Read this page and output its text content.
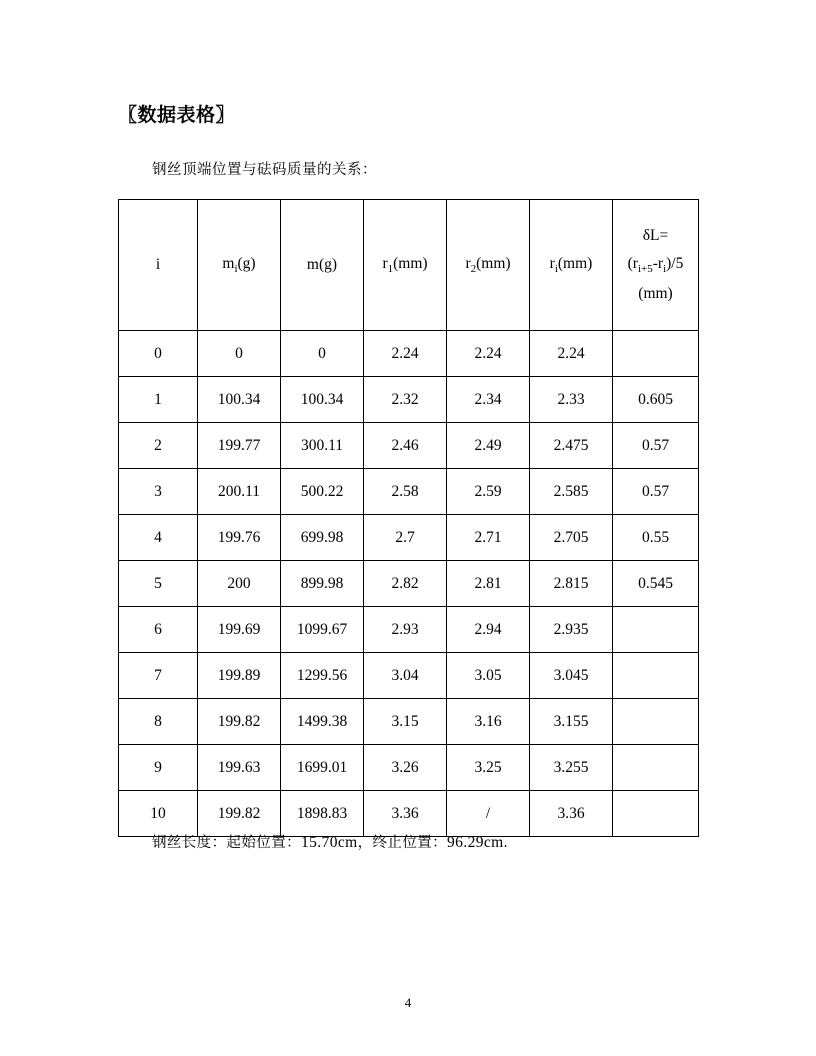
〖数据表格〗
钢丝顶端位置与砝码质量的关系：
i	$m_i(g)$	m(g)	$r_1(mm)$	$r_2(mm)$	$r_i(mm)$	δL=
$(r_{i+5}-r_i)/5$
(mm)

0	0	0	2.24	2.24	2.24	
1	100.34	100.34	2.32	2.34	2.33	0.605
2	199.77	300.11	2.46	2.49	2.475	0.57
3	200.11	500.22	2.58	2.59	2.585	0.57
4	199.76	699.98	2.7	2.71	2.705	0.55
5	200	899.98	2.82	2.81	2.815	0.545
6	199.69	1099.67	2.93	2.94	2.935	
7	199.89	1299.56	3.04	3.05	3.045	
8	199.82	1499.38	3.15	3.16	3.155	
9	199.63	1699.01	3.26	3.25	3.255	
10	199.82	1898.83	3.36	/	3.36	
钢丝长度：起始位置：15.70cm，终止位置：96.29cm.
4
